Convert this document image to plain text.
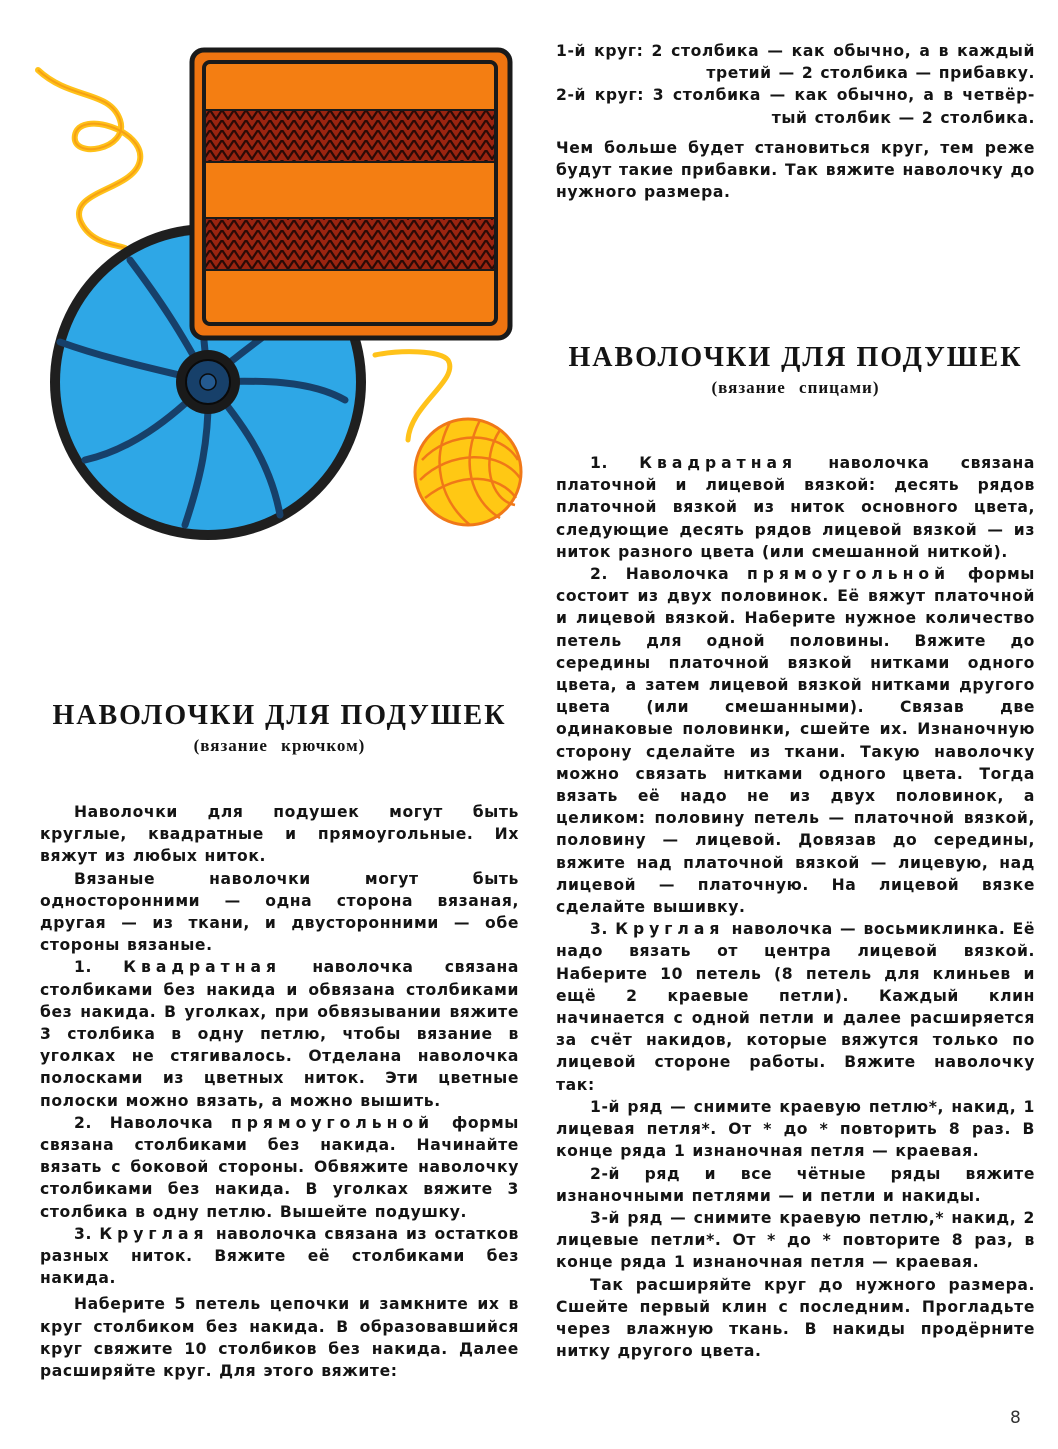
НАВОЛОЧКИ ДЛЯ ПОДУШЕК

(вязание крючком)

Наволочки для подушек могут быть круглые, квадратные и прямоугольные. Их вяжут из любых ниток.

Вязаные наволочки могут быть односторонними — одна сторона вязаная, другая — из ткани, и двусторонними — обе стороны вязаные.

1. Квадратная наволочка связана столбиками без накида и обвязана столбиками без накида. В уголках, при обвязывании вяжите 3 столбика в одну петлю, чтобы вязание в уголках не стягивалось. Отделана наволочка полосками из цветных ниток. Эти цветные полоски можно вязать, а можно вышить.

2. Наволочка прямоугольной формы связана столбиками без накида. Начинайте вязать с боковой стороны. Обвяжите наволочку столбиками без накида. В уголках вяжите 3 столбика в одну петлю. Вышейте подушку.

3. Круглая наволочка связана из остатков разных ниток. Вяжите её столбиками без накида.

Наберите 5 петель цепочки и замкните их в круг столбиком без накида. В образовавшийся круг свяжите 10 столбиков без накида. Далее расширяйте круг. Для этого вяжите:

1-й круг: 2 столбика — как обычно, а в каждый

третий — 2 столбика — прибавку.

2-й круг: 3 столбика — как обычно, а в четвёр-

тый столбик — 2 столбика.

Чем больше будет становиться круг, тем реже будут такие прибавки. Так вяжите наволочку до нужного размера.

НАВОЛОЧКИ ДЛЯ ПОДУШЕК

(вязание спицами)

1. Квадратная наволочка связана платочной и лицевой вязкой: десять рядов платочной вязкой из ниток основного цвета, следующие десять рядов лицевой вязкой — из ниток разного цвета (или смешанной ниткой).

2. Наволочка прямоугольной формы состоит из двух половинок. Её вяжут платочной и лицевой вязкой. Наберите нужное количество петель для одной половины. Вяжите до середины платочной вязкой нитками одного цвета, а затем лицевой вязкой нитками другого цвета (или смешанными). Связав две одинаковые половинки, сшейте их. Изнаночную сторону сделайте из ткани. Такую наволочку можно связать нитками одного цвета. Тогда вязать её надо не из двух половинок, а целиком: половину петель — платочной вязкой, половину — лицевой. Довязав до середины, вяжите над платочной вязкой — лицевую, над лицевой — платочную. На лицевой вязке сделайте вышивку.

3. Круглая наволочка — восьмиклинка. Её надо вязать от центра лицевой вязкой. Наберите 10 петель (8 петель для клиньев и ещё 2 краевые петли). Каждый клин начинается с одной петли и далее расширяется за счёт накидов, которые вяжутся только по лицевой стороне работы. Вяжите наволочку так:

1-й ряд — снимите краевую петлю*, накид, 1 лицевая петля*. От * до * повторить 8 раз. В конце ряда 1 изнаночная петля — краевая.

2-й ряд и все чётные ряды вяжите изнаночными петлями — и петли и накиды.

3-й ряд — снимите краевую петлю,* накид, 2 лицевые петли*. От * до * повторите 8 раз, в конце ряда 1 изнаночная петля — краевая.

Так расширяйте круг до нужного размера. Сшейте первый клин с последним. Прогладьте через влажную ткань. В накиды продёрните нитку другого цвета.

8
